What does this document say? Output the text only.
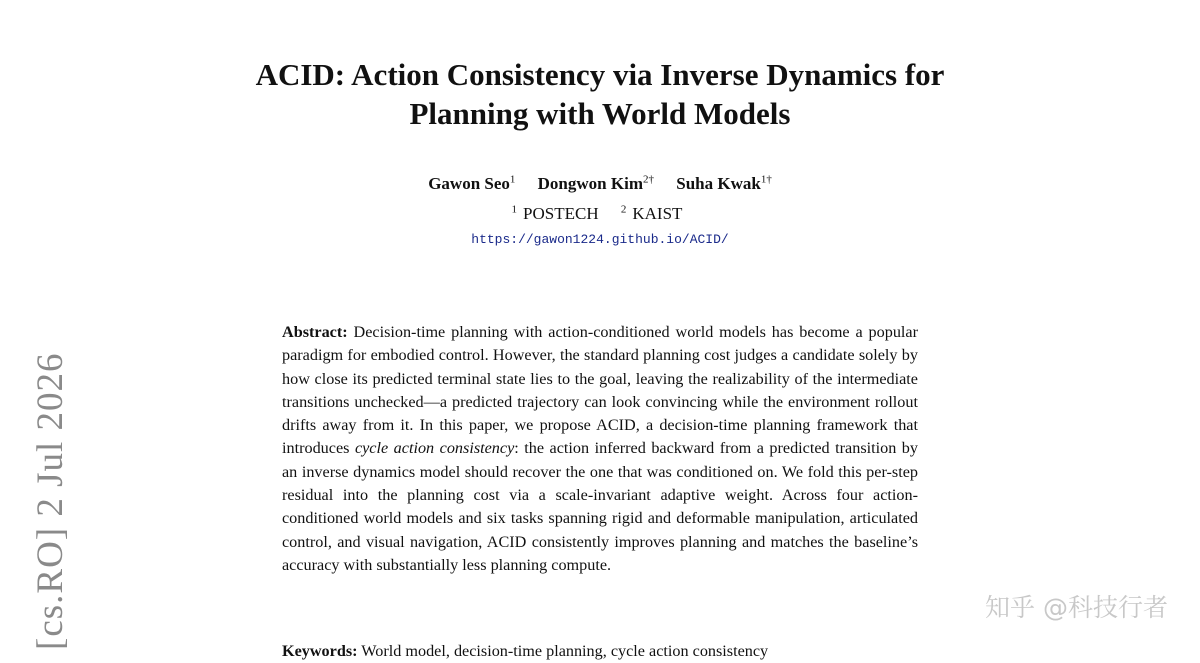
[cs.RO] 2 Jul 2026
ACID: Action Consistency via Inverse Dynamics for
Planning with World Models
Gawon Seo$^1$ Dongwon Kim$^{2\dagger}$ Suha Kwak$^{1\dagger}$
$^1$ POSTECH $^2$ KAIST
https://gawon1224.github.io/ACID/

Abstract: Decision-time planning with action-conditioned world models has become a popular paradigm for embodied control. However, the standard planning cost judges a candidate solely by how close its predicted terminal state lies to the goal, leaving the realizability of the intermediate transitions unchecked—a predicted trajectory can look convincing while the environment rollout drifts away from it. In this paper, we propose ACID, a decision-time planning framework that introduces cycle action consistency: the action inferred backward from a predicted transition by an inverse dynamics model should recover the one that was conditioned on. We fold this per-step residual into the planning cost via a scale-invariant adaptive weight. Across four action-conditioned world models and six tasks spanning rigid and deformable manipulation, articulated control, and visual navigation, ACID consistently improves planning and matches the baseline’s accuracy with substantially less planning compute.

Keywords: World model, decision-time planning, cycle action consistency

知乎 @科技行者
